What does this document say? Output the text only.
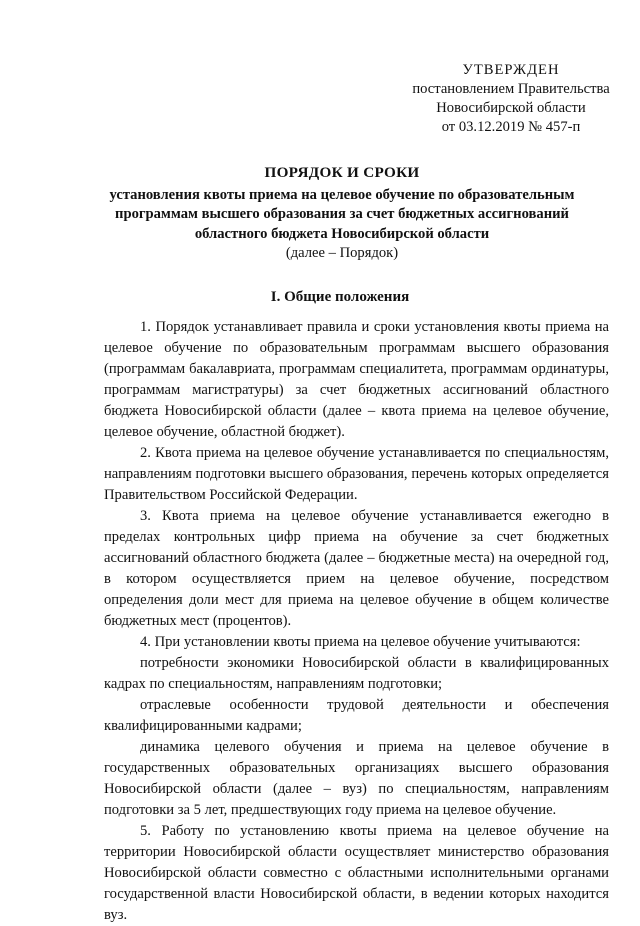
УТВЕРЖДЕН
постановлением Правительства
Новосибирской области
от 03.12.2019 № 457-п
ПОРЯДОК И СРОКИ
установления квоты приема на целевое обучение по образовательным программам высшего образования за счет бюджетных ассигнований областного бюджета Новосибирской области
(далее – Порядок)
I. Общие положения

1. Порядок устанавливает правила и сроки установления квоты приема на целевое обучение по образовательным программам высшего образования (программам бакалавриата, программам специалитета, программам ординатуры, программам магистратуры) за счет бюджетных ассигнований областного бюджета Новосибирской области (далее – квота приема на целевое обучение, целевое обучение, областной бюджет).

2. Квота приема на целевое обучение устанавливается по специальностям, направлениям подготовки высшего образования, перечень которых определяется Правительством Российской Федерации.

3. Квота приема на целевое обучение устанавливается ежегодно в пределах контрольных цифр приема на обучение за счет бюджетных ассигнований областного бюджета (далее – бюджетные места) на очередной год, в котором осуществляется прием на целевое обучение, посредством определения доли мест для приема на целевое обучение в общем количестве бюджетных мест (процентов).

4. При установлении квоты приема на целевое обучение учитываются:

потребности экономики Новосибирской области в квалифицированных кадрах по специальностям, направлениям подготовки;

отраслевые особенности трудовой деятельности и обеспечения квалифицированными кадрами;

динамика целевого обучения и приема на целевое обучение в государственных образовательных организациях высшего образования Новосибирской области (далее – вуз) по специальностям, направлениям подготовки за 5 лет, предшествующих году приема на целевое обучение.

5. Работу по установлению квоты приема на целевое обучение на территории Новосибирской области осуществляет министерство образования Новосибирской области совместно с областными исполнительными органами государственной власти Новосибирской области, в ведении которых находится вуз.
